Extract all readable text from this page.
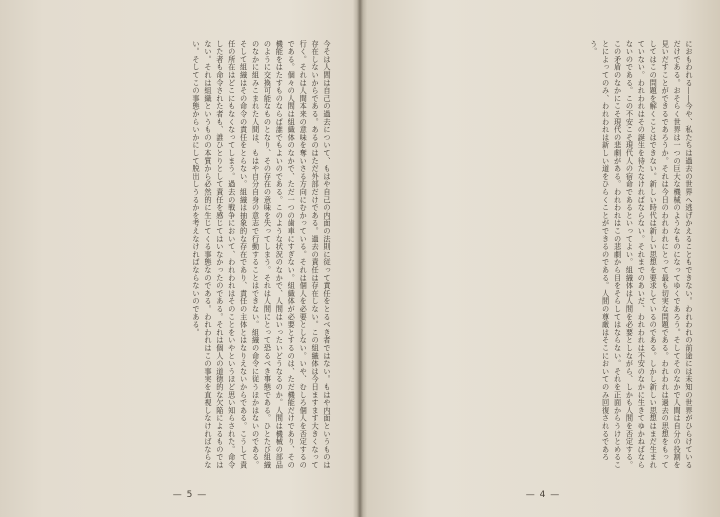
今そは人間は自己の過去について、もはや自己の内面の法則に従って責任をとるべき者ではない。もはや内面というものは存在しないからである。あるのはただ外部だけである。過去の責任は存在しない。この組織体は今日ますます大きくなって行く。それは人間本来の意味を奪いさる方向にむかっている。それは個人を必要としない。いや、むしろ個人を否定するのである。個々の人間は組織体のなかで、ただ一つの歯車にすぎない。組織体が必要とするのは、ただ機能だけであり、その機能をはたすものならば誰でもよいのである。このような状況のなかで、人間はいったいどうなるのか。人間は機械の部品のように交換可能なものとなり、その存在の意味を失ってしまう。それは人間にとって恐るべき事態である。ひとたび組織のなかに組みこまれた人間は、もはや自分自身の意志で行動することはできない。組織の命令に従うほかはないのである。そして組織はその命令の責任をとらない。組織は抽象的な存在であり、責任の主体とはなりえないからである。こうして責任の所在はどこにもなくなってしまう。過去の戦争において、われわれはそのことをいやというほど思い知らされた。命令した者も命令された者も、誰ひとりとして責任を感じてはいなかったのである。それは個人の道徳的な欠陥によるものではない。それは組織というものの本質から必然的に生じてくる事態なのである。われわれはこの事実を直視しなければならない。そしてこの事態からいかにして脱出しうるかを考えなければならないのである。
— 5 —
におもわれる――今や、私たちは過去の世界へ逃げかえることもできない。われわれの前途には未知の世界がひらけているだけである。おそらく世界は一つの巨大な機械のようなものになってゆくであろう。そしてそのなかで人間は自分の役割を見いだすことができるであろうか。それは今日のわれわれにとって最も切実な問題である。われわれは過去の思想をもってしてはこの問題を解くことはできない。新しい時代は新しい思想を要求しているのである。しかし新しい思想はまだ生まれていない。われわれはその誕生を待たなければならない。それまでのあいだ、われわれは不安のなかに生きてゆかねばならないのである。この不安こそ現代人の宿命であるといってよい。組織体は人間を必要としながら、しかも人間を否定する。この矛盾のなかにこそ現代の悲劇がある。われわれはこの悲劇から目をそらしてはならない。それを正面からうけとめることによってのみ、われわれは新しい道をひらくことができるのである。人間の尊厳はそこにおいてのみ回復されるであろう。
— 4 —
